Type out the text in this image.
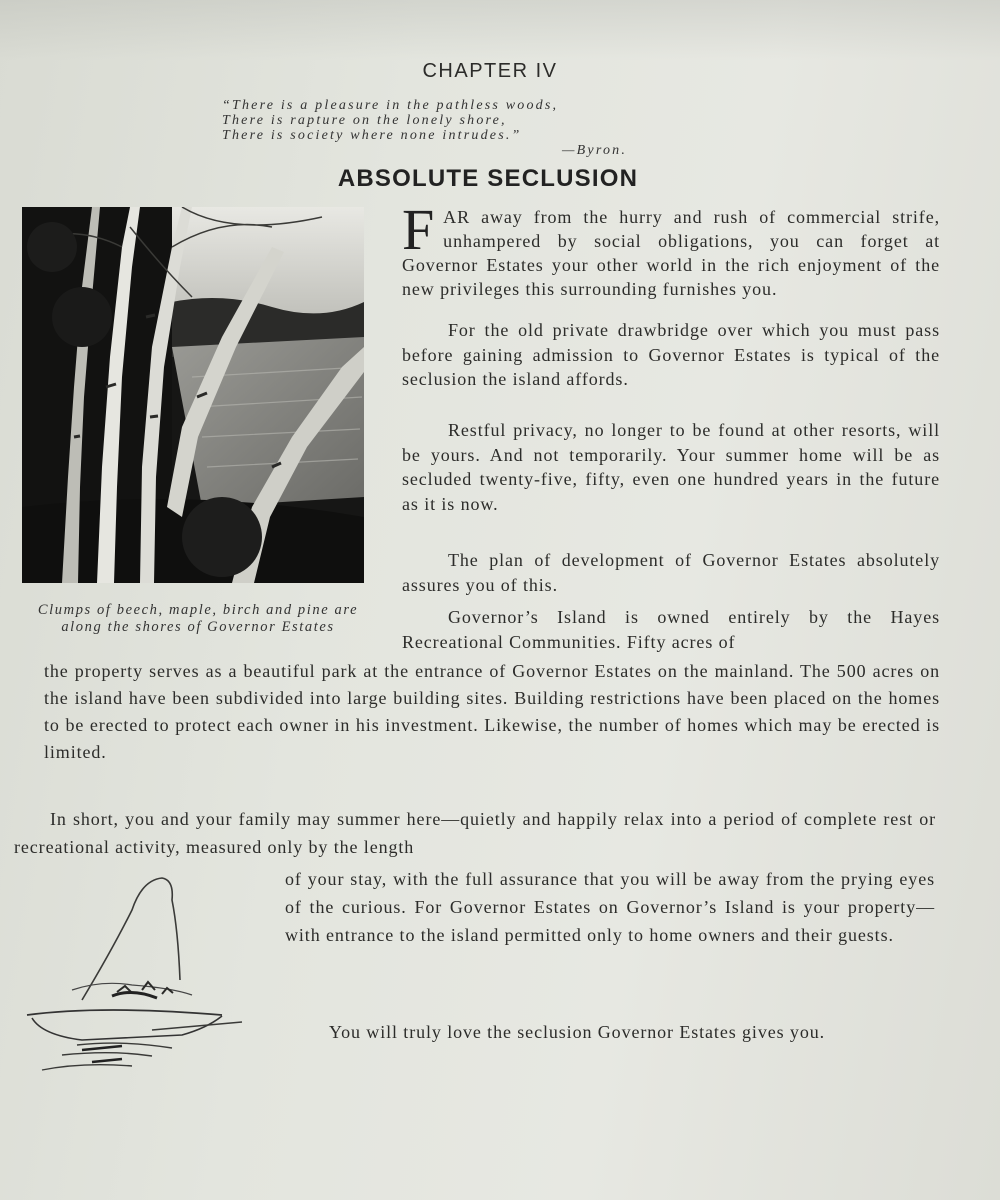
CHAPTER IV
“There is a pleasure in the pathless woods,
There is rapture on the lonely shore,
There is society where none intrudes.”
—Byron.
ABSOLUTE SECLUSION
Clumps of beech, maple, birch and pine are along the shores of Governor Estates
FAR away from the hurry and rush of commercial strife, unhampered by social obligations, you can forget at Governor Estates your other world in the rich enjoyment of the new privileges this surrounding furnishes you.
For the old private drawbridge over which you must pass before gaining admission to Governor Estates is typical of the seclusion the island affords.
Restful privacy, no longer to be found at other resorts, will be yours. And not temporarily. Your summer home will be as secluded twenty-five, fifty, even one hundred years in the future as it is now.
The plan of development of Governor Estates absolutely assures you of this.
Governor’s Island is owned entirely by the Hayes Recreational Communities. Fifty acres of
the property serves as a beautiful park at the entrance of Governor Estates on the mainland. The 500 acres on the island have been subdivided into large building sites. Building restrictions have been placed on the homes to be erected to protect each owner in his investment. Likewise, the number of homes which may be erected is limited.
In short, you and your family may summer here—quietly and happily relax into a period of complete rest or recreational activity, measured only by the length
of your stay, with the full assurance that you will be away from the prying eyes of the curious. For Governor Estates on Governor’s Island is your property—with entrance to the island permitted only to home owners and their guests.
You will truly love the seclusion Governor Estates gives you.
